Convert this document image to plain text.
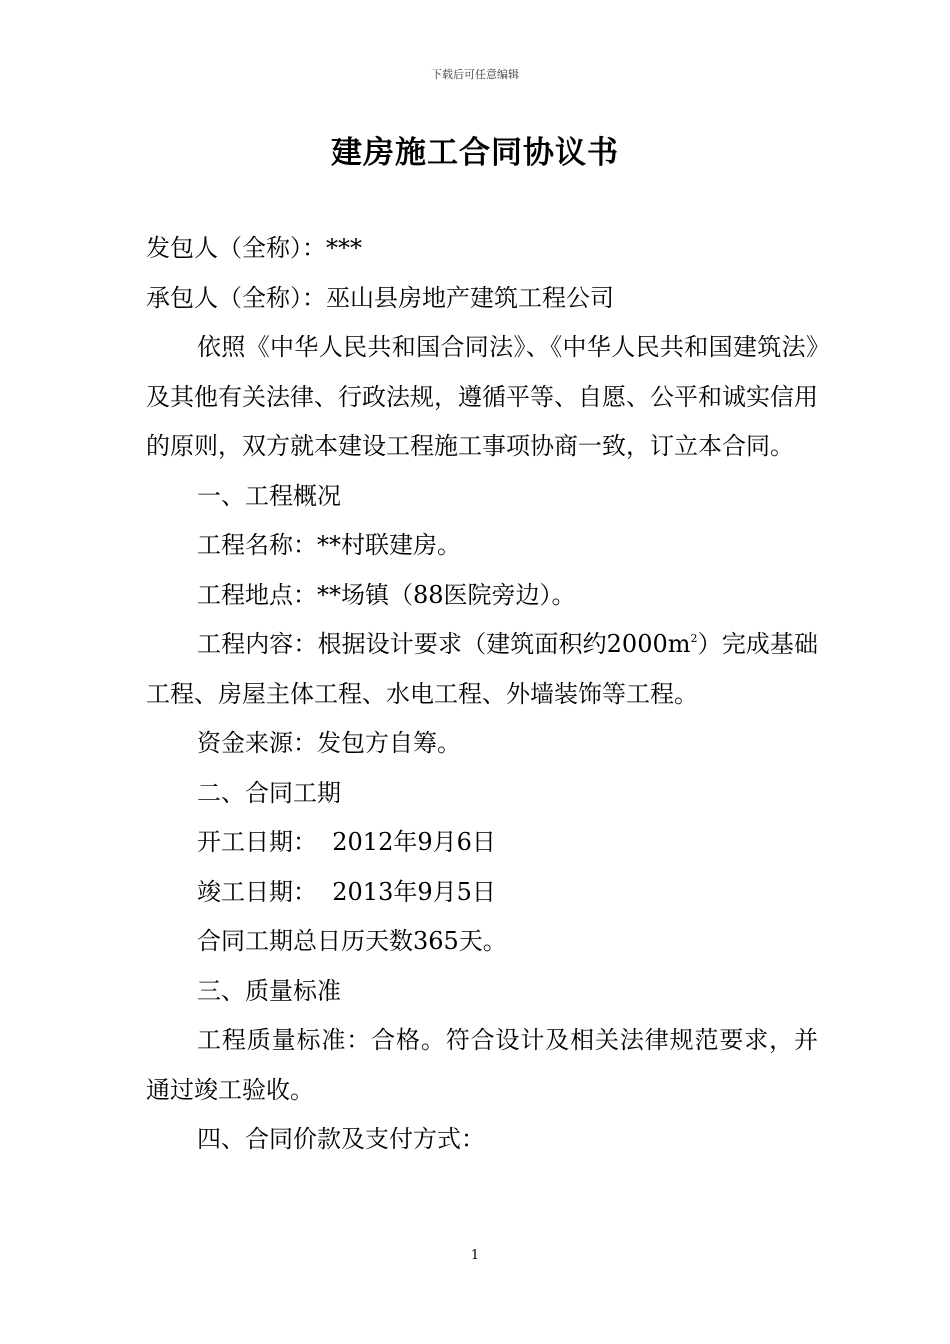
下载后可任意编辑
建房施工合同协议书
发包人（全称）：***
承包人（全称）：巫山县房地产建筑工程公司
依照《中华人民共和国合同法》、《中华人民共和国建筑法》及其他有关法律、行政法规，遵循平等、自愿、公平和诚实信用的原则，双方就本建设工程施工事项协商一致，订立本合同。
一、工程概况
工程名称：**村联建房。
工程地点：**场镇（88医院旁边）。
工程内容：根据设计要求（建筑面积约$2000m^2$）完成基础工程、房屋主体工程、水电工程、外墙装饰等工程。
资金来源：发包方自筹。
二、合同工期
开工日期：  2012年9月6日
竣工日期：  2013年9月5日
合同工期总日历天数365天。
三、质量标准
工程质量标准：合格。符合设计及相关法律规范要求，并通过竣工验收。
四、合同价款及支付方式：
1
